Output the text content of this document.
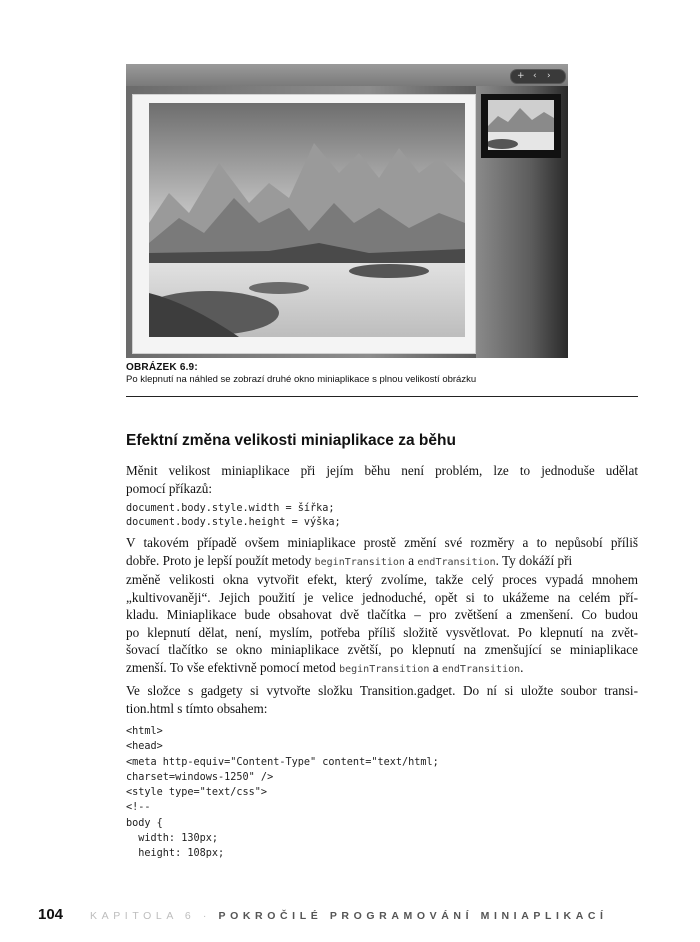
+ ‹ ›
OBRÁZEK 6.9:
Po klepnutí na náhled se zobrazí druhé okno miniaplikace s plnou velikostí obrázku
Efektní změna velikosti miniaplikace za běhu
Měnit velikost miniaplikace při jejím běhu není problém, lze to jednoduše udělat
pomocí příkazů:
document.body.style.width = šířka;
document.body.style.height = výška;
V takovém případě ovšem miniaplikace prostě změní své rozměry a to nepůsobí příliš
dobře. Proto je lepší použít metody beginTransition a endTransition. Ty dokáží při
změně velikosti okna vytvořit efekt, který zvolíme, takže celý proces vypadá mnohem
„kultivovaněji“. Jejich použití je velice jednoduché, opět si to ukážeme na celém pří-
kladu. Miniaplikace bude obsahovat dvě tlačítka – pro zvětšení a zmenšení. Co budou
po klepnutí dělat, není, myslím, potřeba příliš složitě vysvětlovat. Po klepnutí na zvět-
šovací tlačítko se okno miniaplikace zvětší, po klepnutí na zmenšující se miniaplikace
zmenší. To vše efektivně pomocí metod beginTransition a endTransition.
Ve složce s gadgety si vytvořte složku Transition.gadget. Do ní si uložte soubor transi-
tion.html s tímto obsahem:
<html>
<head>
<meta http-equiv="Content-Type" content="text/html;
charset=windows-1250" />
<style type="text/css">
<!--
body {
width: 130px;
height: 108px;
104	KAPITOLA 6 · POKROČILÉ PROGRAMOVÁNÍ MINIAPLIKACÍ
